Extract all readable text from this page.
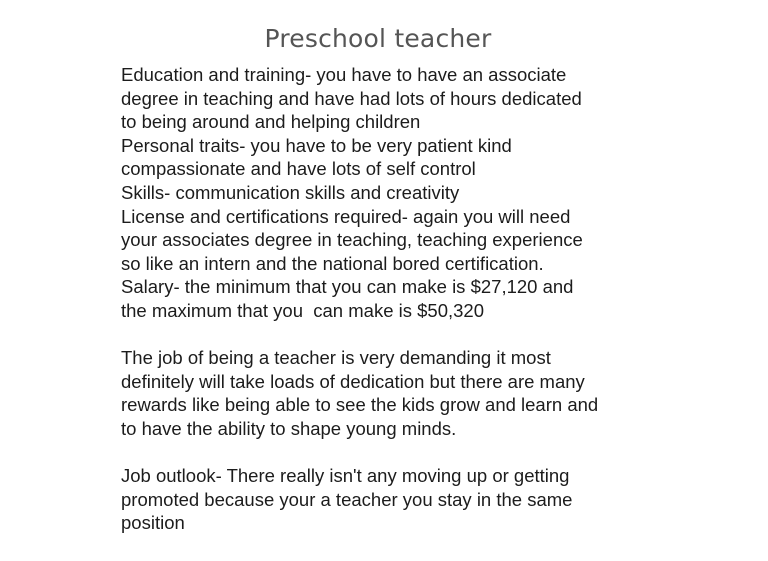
Preschool teacher
Education and training- you have to have an associate
degree in teaching and have had lots of hours dedicated
to being around and helping children
Personal traits- you have to be very patient kind
compassionate and have lots of self control
Skills- communication skills and creativity
License and certifications required- again you will need
your associates degree in teaching, teaching experience
so like an intern and the national bored certification.
Salary- the minimum that you can make is $27,120 and
the maximum that you  can make is $50,320
The job of being a teacher is very demanding it most
definitely will take loads of dedication but there are many
rewards like being able to see the kids grow and learn and
to have the ability to shape young minds.
Job outlook- There really isn't any moving up or getting
promoted because your a teacher you stay in the same
position
